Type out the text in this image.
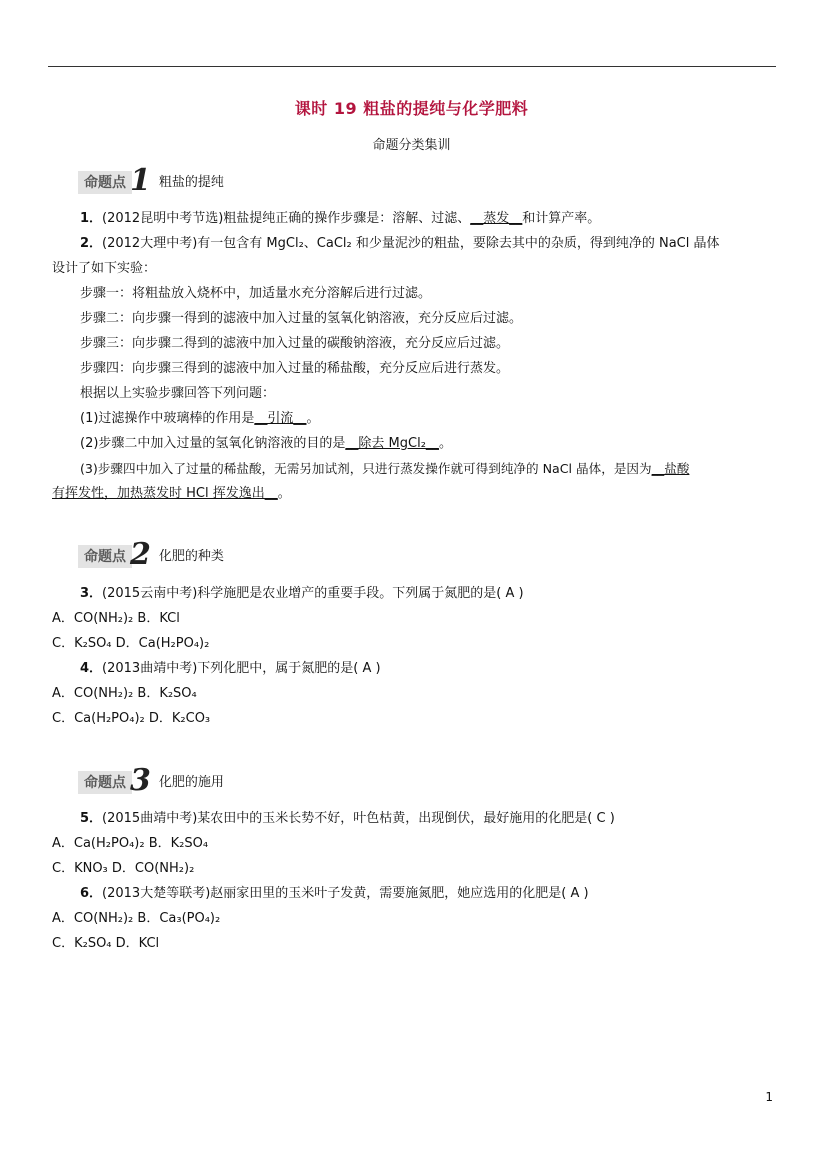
课时 19 粗盐的提纯与化学肥料
命题分类集训
命题点 1 粗盐的提纯
1．(2012昆明中考节选)粗盐提纯正确的操作步骤是：溶解、过滤、__蒸发__和计算产率。
2．(2012大理中考)有一包含有 MgCl₂、CaCl₂ 和少量泥沙的粗盐，要除去其中的杂质，得到纯净的 NaCl 晶体
设计了如下实验：
步骤一：将粗盐放入烧杯中，加适量水充分溶解后进行过滤。
步骤二：向步骤一得到的滤液中加入过量的氢氧化钠溶液，充分反应后过滤。
步骤三：向步骤二得到的滤液中加入过量的碳酸钠溶液，充分反应后过滤。
步骤四：向步骤三得到的滤液中加入过量的稀盐酸，充分反应后进行蒸发。
根据以上实验步骤回答下列问题：
(1)过滤操作中玻璃棒的作用是__引流__。
(2)步骤二中加入过量的氢氧化钠溶液的目的是__除去 MgCl₂__。
(3)步骤四中加入了过量的稀盐酸，无需另加试剂，只进行蒸发操作就可得到纯净的 NaCl 晶体，是因为__盐酸
有挥发性，加热蒸发时 HCl 挥发逸出__。
命题点 2 化肥的种类
3．(2015云南中考)科学施肥是农业增产的重要手段。下列属于氮肥的是( A )
A．CO(NH₂)₂ B．KCl
C．K₂SO₄ D．Ca(H₂PO₄)₂
4．(2013曲靖中考)下列化肥中，属于氮肥的是( A )
A．CO(NH₂)₂ B．K₂SO₄
C．Ca(H₂PO₄)₂ D．K₂CO₃
命题点 3 化肥的施用
5．(2015曲靖中考)某农田中的玉米长势不好，叶色枯黄，出现倒伏，最好施用的化肥是( C )
A．Ca(H₂PO₄)₂ B．K₂SO₄
C．KNO₃ D．CO(NH₂)₂
6．(2013大楚等联考)赵丽家田里的玉米叶子发黄，需要施氮肥，她应选用的化肥是( A )
A．CO(NH₂)₂ B．Ca₃(PO₄)₂
C．K₂SO₄ D．KCl
1
